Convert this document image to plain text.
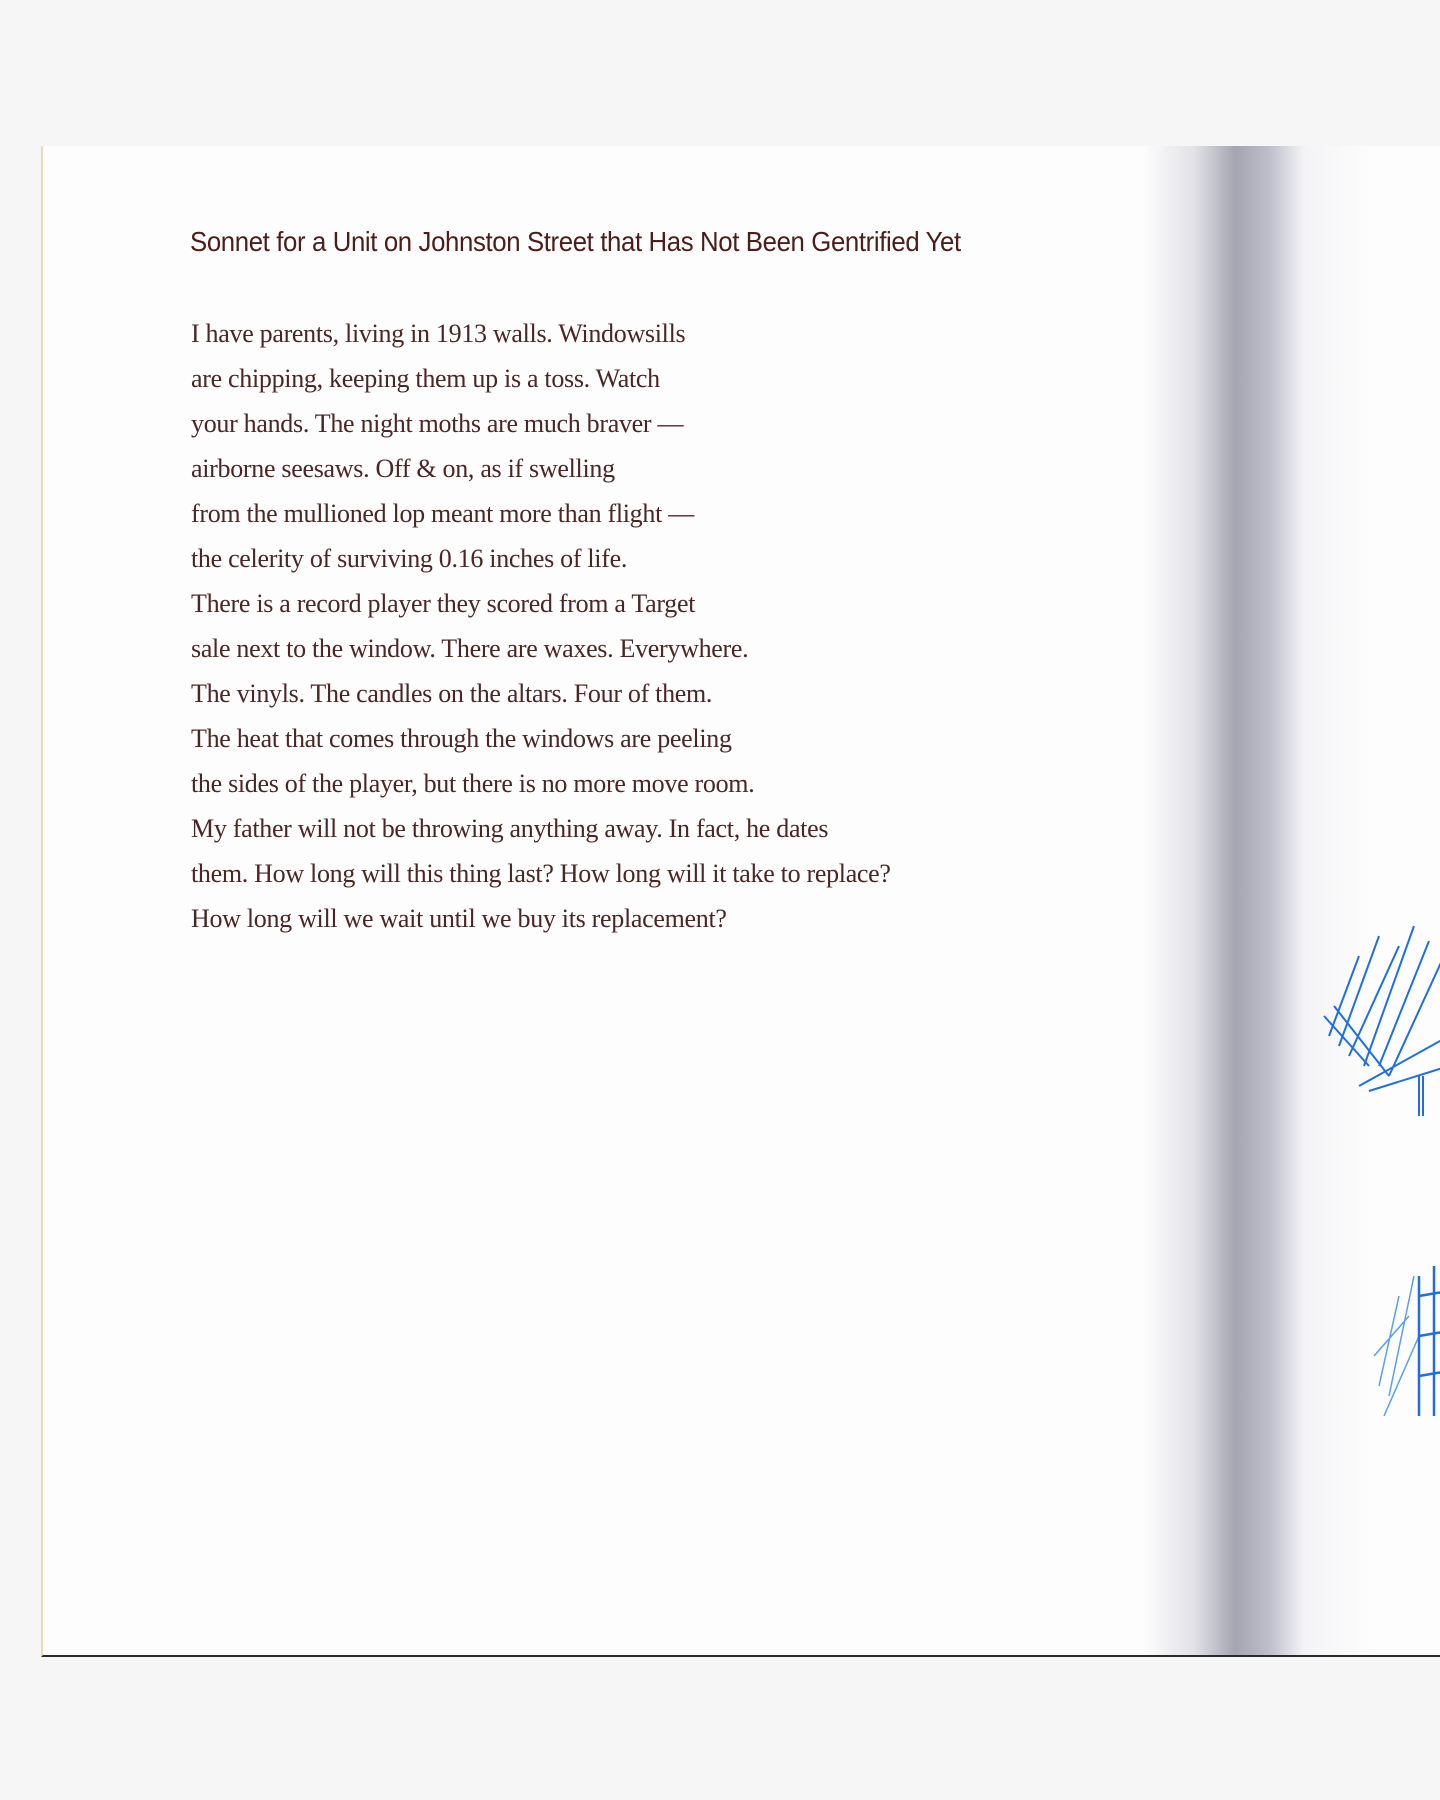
Sonnet for a Unit on Johnston Street that Has Not Been Gentrified Yet
I have parents, living in 1913 walls. Windowsills
are chipping, keeping them up is a toss. Watch
your hands. The night moths are much braver —
airborne seesaws. Off & on, as if swelling
from the mullioned lop meant more than flight —
the celerity of surviving 0.16 inches of life.
There is a record player they scored from a Target
sale next to the window. There are waxes. Everywhere.
The vinyls. The candles on the altars. Four of them.
The heat that comes through the windows are peeling
the sides of the player, but there is no more move room.
My father will not be throwing anything away. In fact, he dates
them. How long will this thing last? How long will it take to replace?
How long will we wait until we buy its replacement?
